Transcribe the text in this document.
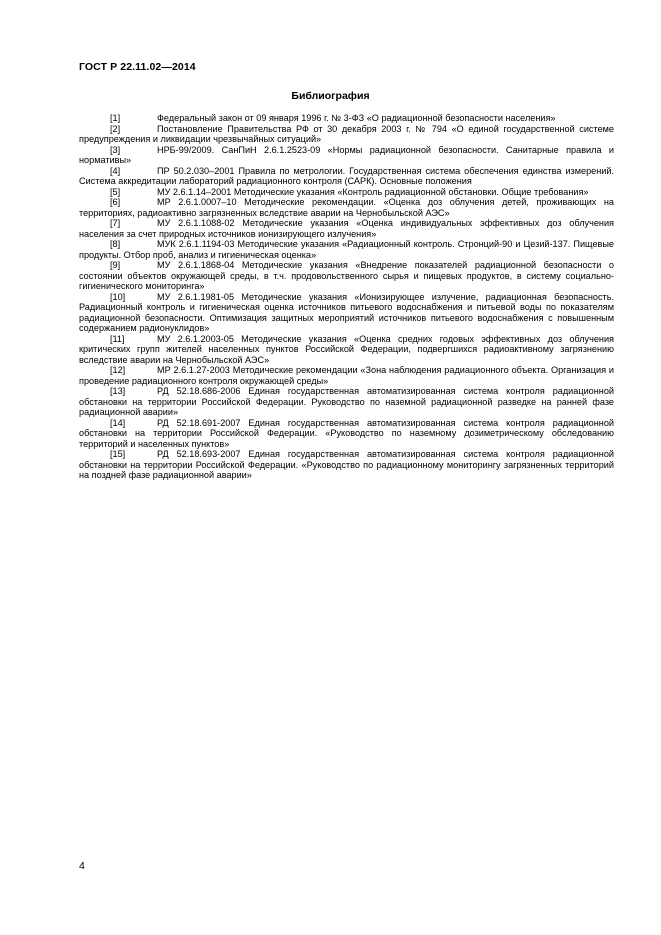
ГОСТ Р 22.11.02—2014
Библиография

[1]	Федеральный закон от 09 января 1996 г. № 3-ФЗ «О радиационной безопасности населения»

[2]	Постановление Правительства РФ от 30 декабря 2003 г. № 794 «О единой государственной системе предупреждения и ликвидации чрезвычайных ситуаций»

[3]	НРБ-99/2009. СанПиН 2.6.1.2523-09 «Нормы радиационной безопасности. Санитарные правила и нормативы»

[4]	ПР 50.2.030–2001 Правила по метрологии. Государственная система обеспечения единства измерений. Система аккредитации лабораторий радиационного контроля (САРК). Основные положения

[5]	МУ 2.6.1.14–2001 Методические указания «Контроль радиационной обстановки. Общие требования»

[6]	МР 2.6.1.0007–10 Методические рекомендации. «Оценка доз облучения детей, проживающих на территориях, радиоактивно загрязненных вследствие аварии на Чернобыльской АЭС»

[7]	МУ 2.6.1.1088-02 Методические указания «Оценка индивидуальных эффективных доз облучения населения за счет природных источников ионизирующего излучения»

[8]	МУК 2.6.1.1194-03 Методические указания «Радиационный контроль. Стронций-90 и Цезий-137. Пищевые продукты. Отбор проб, анализ и гигиеническая оценка»

[9]	МУ 2.6.1.1868-04 Методические указания «Внедрение показателей радиационной безопасности о состоянии объектов окружающей среды, в т.ч. продовольственного сырья и пищевых продуктов, в систему социально-гигиенического мониторинга»

[10]	МУ 2.6.1.1981-05 Методические указания «Ионизирующее излучение, радиационная безопасность. Радиационный контроль и гигиеническая оценка источников питьевого водоснабжения и питьевой воды по показателям радиационной безопасности. Оптимизация защитных мероприятий источников питьевого водоснабжения с повышенным содержанием радионуклидов»

[11]	МУ 2.6.1.2003-05 Методические указания «Оценка средних годовых эффективных доз облучения критических групп жителей населенных пунктов Российской Федерации, подвергшихся радиоактивному загрязнению вследствие аварии на Чернобыльской АЭС»

[12]	МР 2.6.1.27-2003 Методические рекомендации «Зона наблюдения радиационного объекта. Организация и проведение радиационного контроля окружающей среды»

[13]	РД 52.18.686-2006 Единая государственная автоматизированная система контроля радиационной обстановки на территории Российской Федерации. Руководство по наземной радиационной разведке на ранней фазе радиационной аварии»

[14]	РД 52.18.691-2007 Единая государственная автоматизированная система контроля радиационной обстановки на территории Российской Федерации. «Руководство по наземному дозиметрическому обследованию территорий и населенных пунктов»

[15]	РД 52.18.693-2007 Единая государственная автоматизированная система контроля радиационной обстановки на территории Российской Федерации. «Руководство по радиационному мониторингу загрязненных территорий на поздней фазе радиационной аварии»

4
